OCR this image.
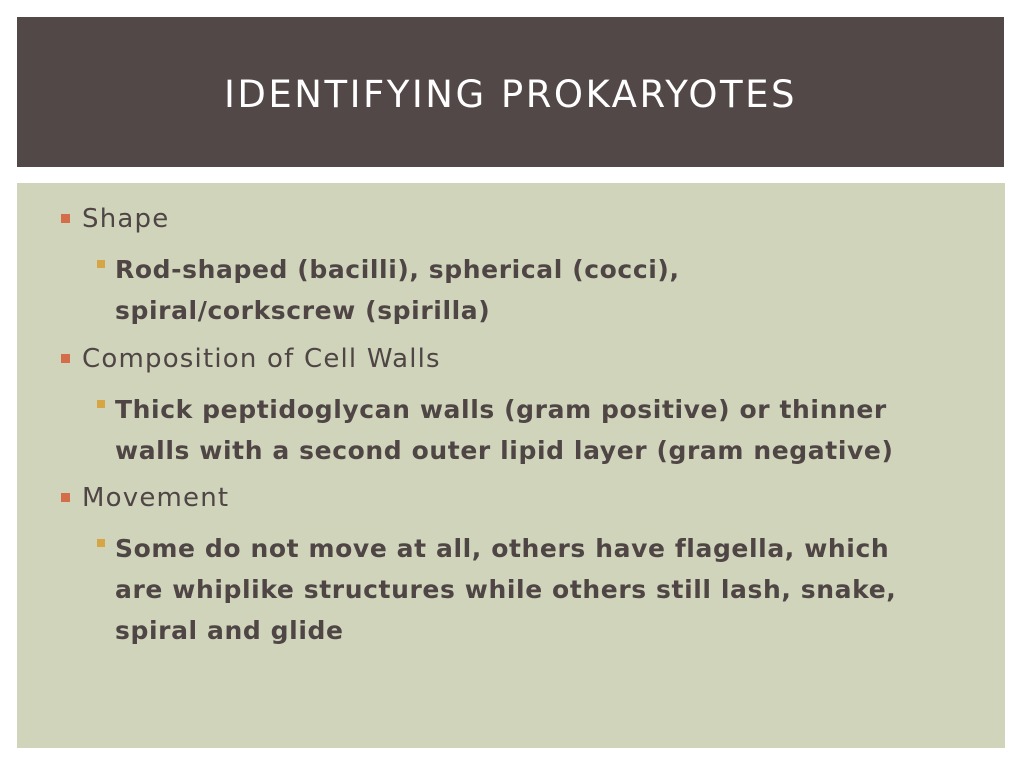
IDENTIFYING PROKARYOTES
Shape
Rod-shaped (bacilli), spherical (cocci),
spiral/corkscrew (spirilla)
Composition of Cell Walls
Thick peptidoglycan walls (gram positive) or thinner
walls with a second outer lipid layer (gram negative)
Movement
Some do not move at all, others have flagella, which
are whiplike structures while others still lash, snake,
spiral and glide
